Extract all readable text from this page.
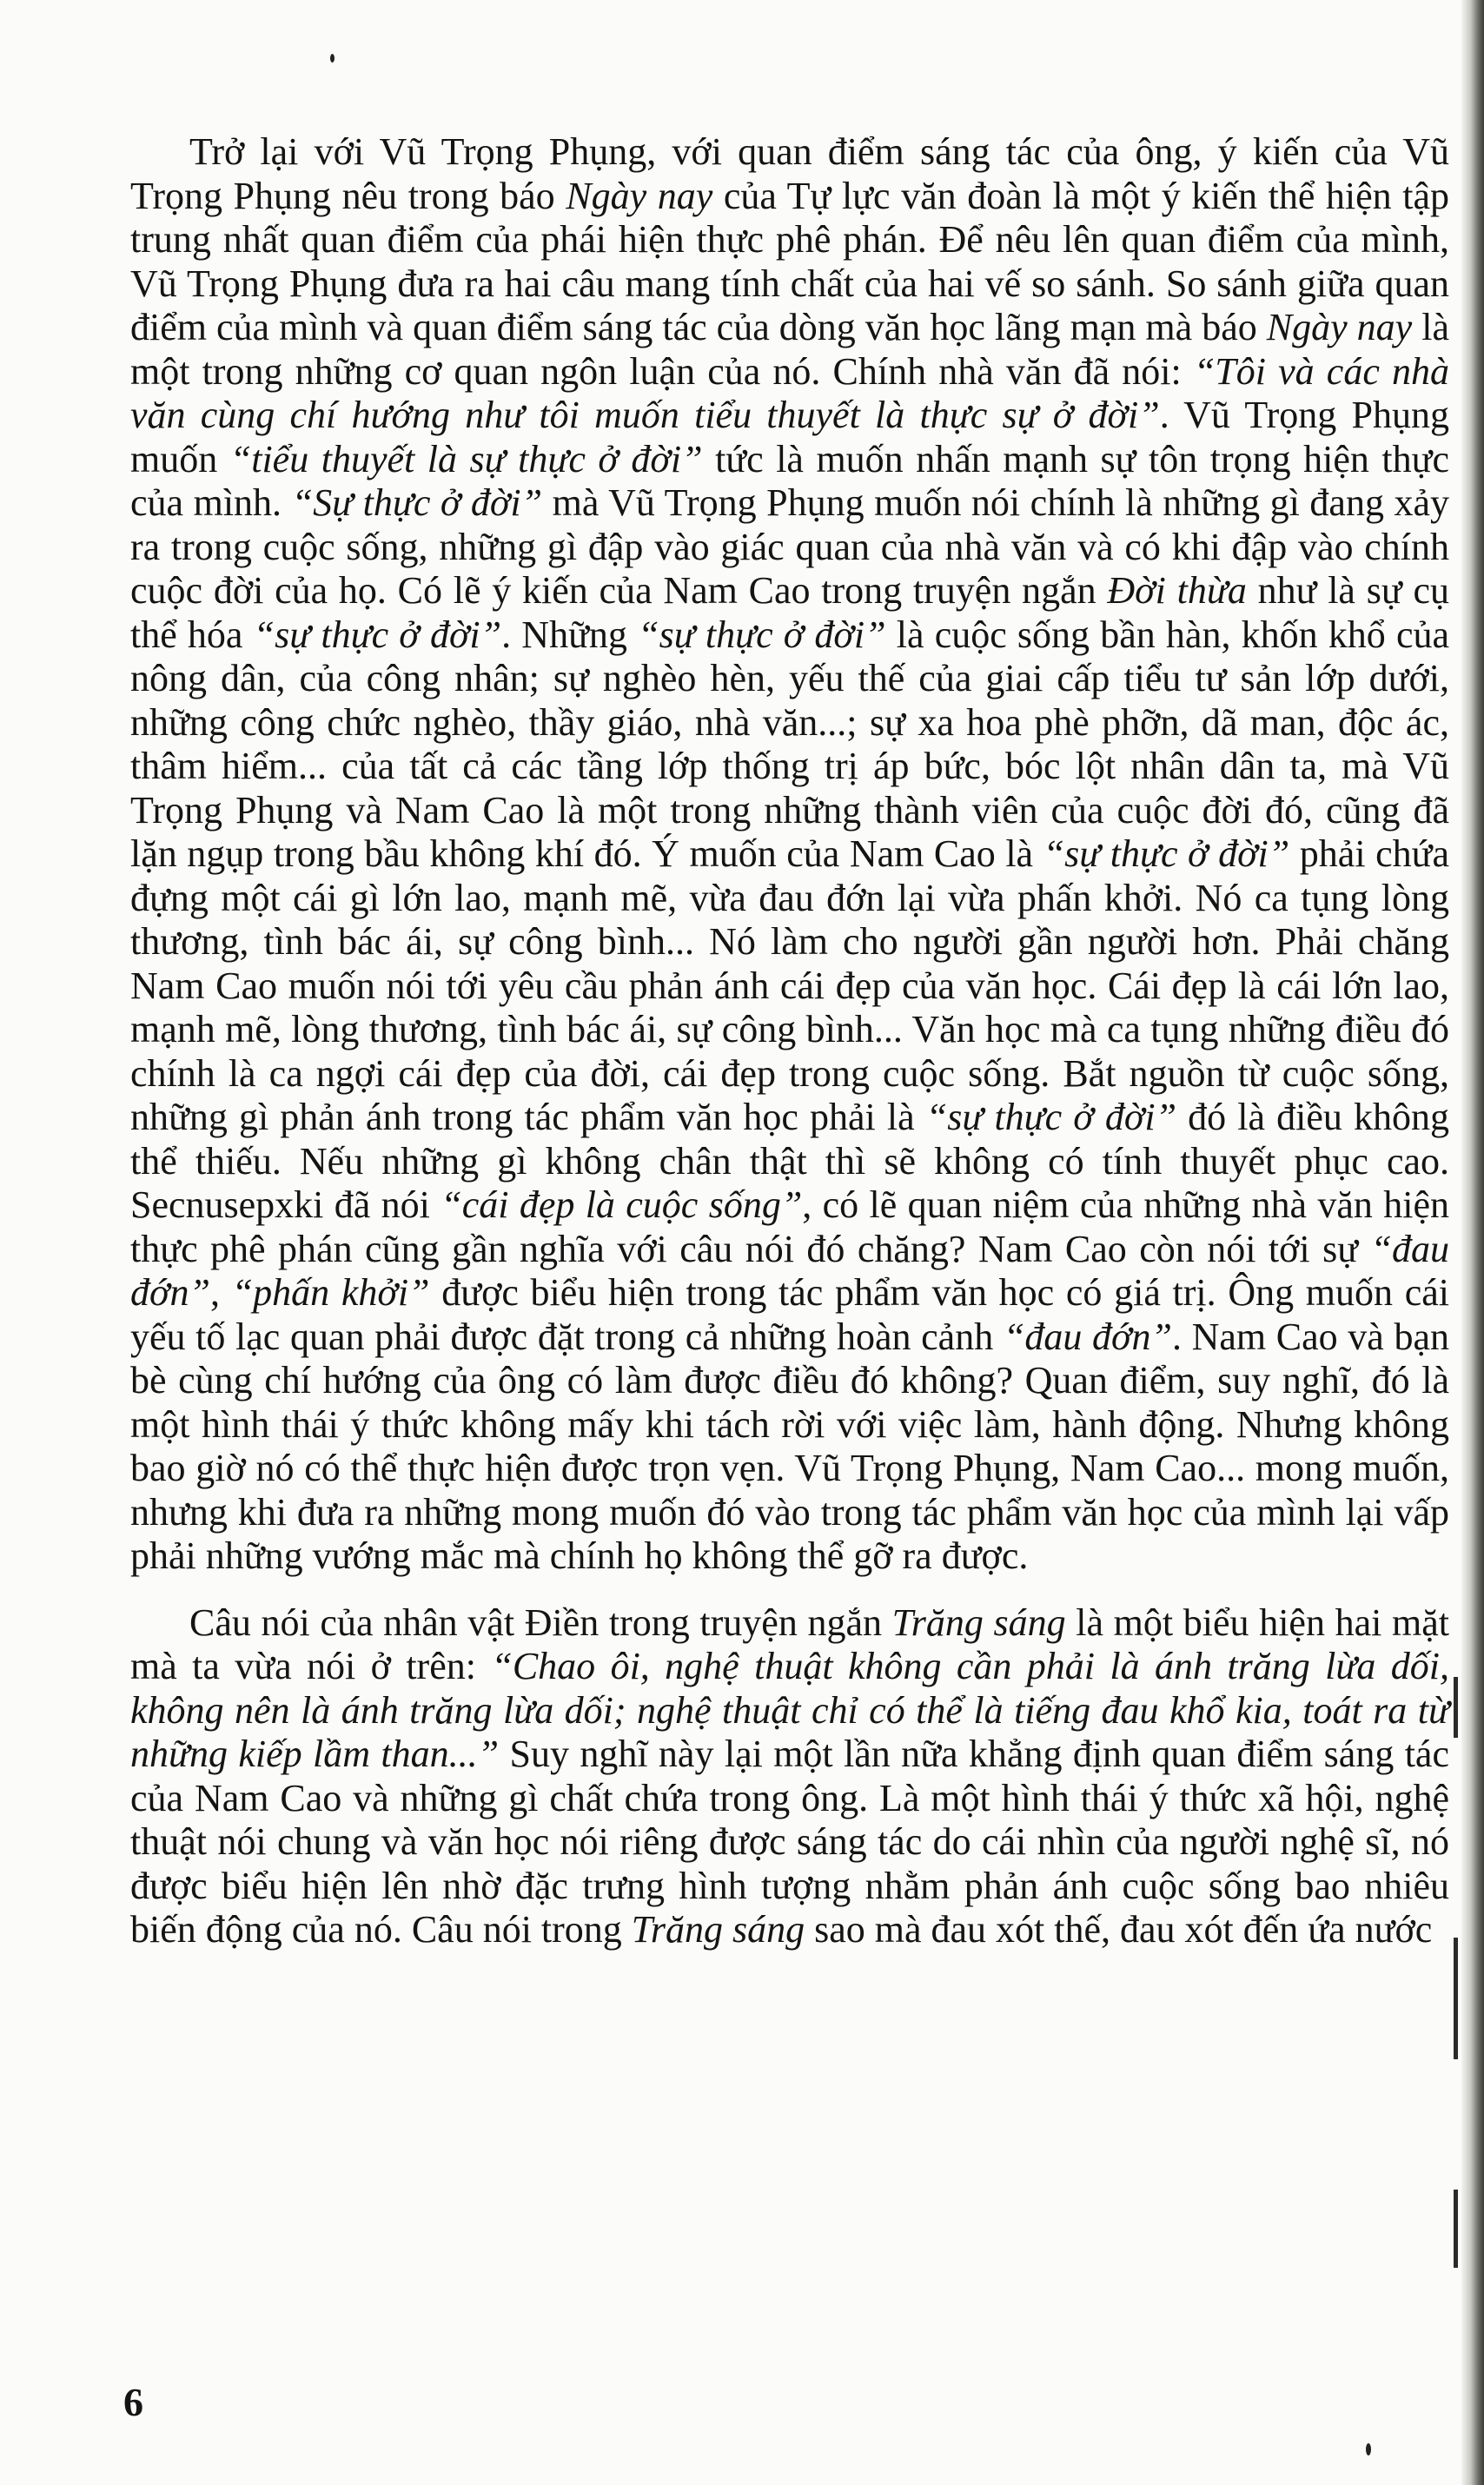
Trở lại với Vũ Trọng Phụng, với quan điểm sáng tác của ông, ý kiến của Vũ Trọng Phụng nêu trong báo Ngày nay của Tự lực văn đoàn là một ý kiến thể hiện tập trung nhất quan điểm của phái hiện thực phê phán. Để nêu lên quan điểm của mình, Vũ Trọng Phụng đưa ra hai câu mang tính chất của hai vế so sánh. So sánh giữa quan điểm của mình và quan điểm sáng tác của dòng văn học lãng mạn mà báo Ngày nay là một trong những cơ quan ngôn luận của nó. Chính nhà văn đã nói: “Tôi và các nhà văn cùng chí hướng như tôi muốn tiểu thuyết là thực sự ở đời”. Vũ Trọng Phụng muốn “tiểu thuyết là sự thực ở đời” tức là muốn nhấn mạnh sự tôn trọng hiện thực của mình. “Sự thực ở đời” mà Vũ Trọng Phụng muốn nói chính là những gì đang xảy ra trong cuộc sống, những gì đập vào giác quan của nhà văn và có khi đập vào chính cuộc đời của họ. Có lẽ ý kiến của Nam Cao trong truyện ngắn Đời thừa như là sự cụ thể hóa “sự thực ở đời”. Những “sự thực ở đời” là cuộc sống bần hàn, khốn khổ của nông dân, của công nhân; sự nghèo hèn, yếu thế của giai cấp tiểu tư sản lớp dưới, những công chức nghèo, thầy giáo, nhà văn...; sự xa hoa phè phỡn, dã man, độc ác, thâm hiểm... của tất cả các tầng lớp thống trị áp bức, bóc lột nhân dân ta, mà Vũ Trọng Phụng và Nam Cao là một trong những thành viên của cuộc đời đó, cũng đã lặn ngụp trong bầu không khí đó. Ý muốn của Nam Cao là “sự thực ở đời” phải chứa đựng một cái gì lớn lao, mạnh mẽ, vừa đau đớn lại vừa phấn khởi. Nó ca tụng lòng thương, tình bác ái, sự công bình... Nó làm cho người gần người hơn. Phải chăng Nam Cao muốn nói tới yêu cầu phản ánh cái đẹp của văn học. Cái đẹp là cái lớn lao, mạnh mẽ, lòng thương, tình bác ái, sự công bình... Văn học mà ca tụng những điều đó chính là ca ngợi cái đẹp của đời, cái đẹp trong cuộc sống. Bắt nguồn từ cuộc sống, những gì phản ánh trong tác phẩm văn học phải là “sự thực ở đời” đó là điều không thể thiếu. Nếu những gì không chân thật thì sẽ không có tính thuyết phục cao. Secnusepxki đã nói “cái đẹp là cuộc sống”, có lẽ quan niệm của những nhà văn hiện thực phê phán cũng gần nghĩa với câu nói đó chăng? Nam Cao còn nói tới sự “đau đớn”, “phấn khởi” được biểu hiện trong tác phẩm văn học có giá trị. Ông muốn cái yếu tố lạc quan phải được đặt trong cả những hoàn cảnh “đau đớn”. Nam Cao và bạn bè cùng chí hướng của ông có làm được điều đó không? Quan điểm, suy nghĩ, đó là một hình thái ý thức không mấy khi tách rời với việc làm, hành động. Nhưng không bao giờ nó có thể thực hiện được trọn vẹn. Vũ Trọng Phụng, Nam Cao... mong muốn, nhưng khi đưa ra những mong muốn đó vào trong tác phẩm văn học của mình lại vấp phải những vướng mắc mà chính họ không thể gỡ ra được.

Câu nói của nhân vật Điền trong truyện ngắn Trăng sáng là một biểu hiện hai mặt mà ta vừa nói ở trên: “Chao ôi, nghệ thuật không cần phải là ánh trăng lừa dối, không nên là ánh trăng lừa dối; nghệ thuật chỉ có thể là tiếng đau khổ kia, toát ra từ những kiếp lầm than...” Suy nghĩ này lại một lần nữa khẳng định quan điểm sáng tác của Nam Cao và những gì chất chứa trong ông. Là một hình thái ý thức xã hội, nghệ thuật nói chung và văn học nói riêng được sáng tác do cái nhìn của người nghệ sĩ, nó được biểu hiện lên nhờ đặc trưng hình tượng nhằm phản ánh cuộc sống bao nhiêu biến động của nó. Câu nói trong Trăng sáng sao mà đau xót thế, đau xót đến ứa nước

6
